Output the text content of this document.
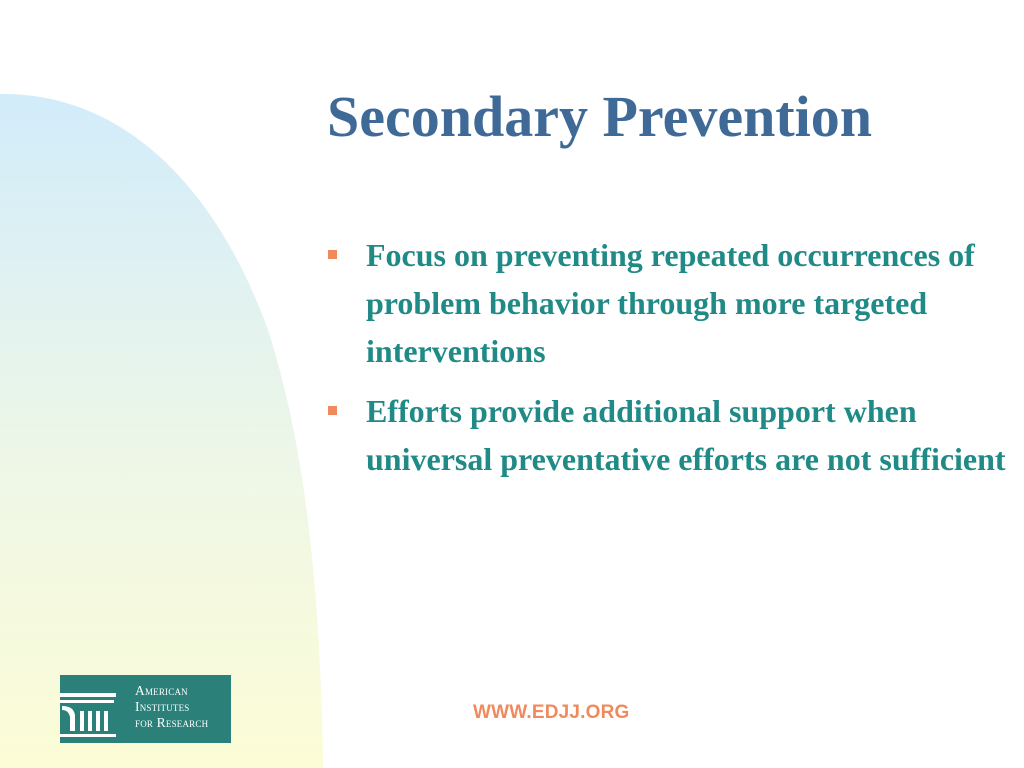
Secondary Prevention
Focus on preventing repeated occurrences of problem behavior through more targeted interventions
Efforts provide additional support when universal preventative efforts are not sufficient
American
Institutes
for Research	WWW.EDJJ.ORG
